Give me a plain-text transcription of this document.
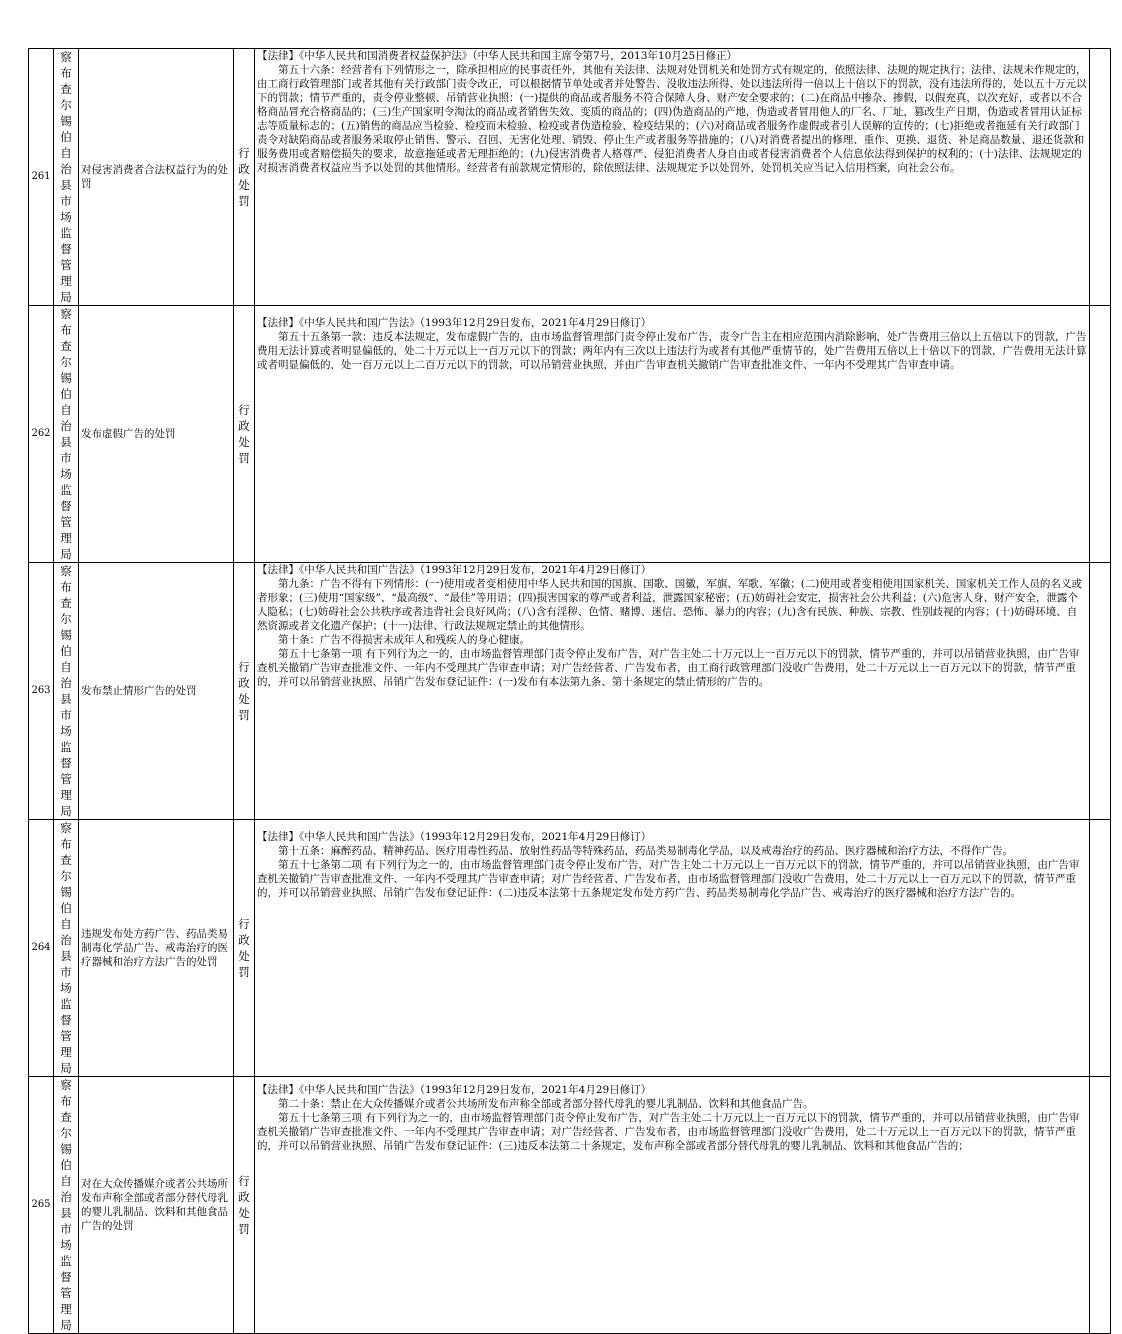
261	察布查尔锡伯自治县市场监督管理局	对侵害消费者合法权益行为的处罚	行政处罚	【法律】《中华人民共和国消费者权益保护法》（中华人民共和国主席令第7号，2013年10月25日修正）

第五十六条：经营者有下列情形之一，除承担相应的民事责任外，其他有关法律、法规对处罚机关和处罚方式有规定的，依照法律、法规的规定执行；法律、法规未作规定的，由工商行政管理部门或者其他有关行政部门责令改正，可以根据情节单处或者并处警告、没收违法所得、处以违法所得一倍以上十倍以下的罚款，没有违法所得的，处以五十万元以下的罚款；情节严重的，责令停业整顿、吊销营业执照：(一)提供的商品或者服务不符合保障人身、财产安全要求的；(二)在商品中掺杂、掺假，以假充真，以次充好，或者以不合格商品冒充合格商品的；(三)生产国家明令淘汰的商品或者销售失效、变质的商品的；(四)伪造商品的产地，伪造或者冒用他人的厂名、厂址，篡改生产日期，伪造或者冒用认证标志等质量标志的；(五)销售的商品应当检验、检疫而未检验、检疫或者伪造检验、检疫结果的；(六)对商品或者服务作虚假或者引人误解的宣传的；(七)拒绝或者拖延有关行政部门责令对缺陷商品或者服务采取停止销售、警示、召回、无害化处理、销毁、停止生产或者服务等措施的；(八)对消费者提出的修理、重作、更换、退货、补足商品数量、退还货款和服务费用或者赔偿损失的要求，故意拖延或者无理拒绝的；(九)侵害消费者人格尊严、侵犯消费者人身自由或者侵害消费者个人信息依法得到保护的权利的；(十)法律、法规规定的对损害消费者权益应当予以处罚的其他情形。经营者有前款规定情形的，除依照法律、法规规定予以处罚外，处罚机关应当记入信用档案，向社会公布。	

262	察布查尔锡伯自治县市场监督管理局	发布虚假广告的处罚	行政处罚	【法律】《中华人民共和国广告法》（1993年12月29日发布，2021年4月29日修订）

第五十五条第一款：违反本法规定，发布虚假广告的，由市场监督管理部门责令停止发布广告，责令广告主在相应范围内消除影响，处广告费用三倍以上五倍以下的罚款，广告费用无法计算或者明显偏低的，处二十万元以上一百万元以下的罚款；两年内有三次以上违法行为或者有其他严重情节的，处广告费用五倍以上十倍以下的罚款，广告费用无法计算或者明显偏低的，处一百万元以上二百万元以下的罚款，可以吊销营业执照，并由广告审查机关撤销广告审查批准文件、一年内不受理其广告审查申请。	

263	察布查尔锡伯自治县市场监督管理局	发布禁止情形广告的处罚	行政处罚	【法律】《中华人民共和国广告法》（1993年12月29日发布，2021年4月29日修订）

第九条：广告不得有下列情形：(一)使用或者变相使用中华人民共和国的国旗、国歌、国徽，军旗、军歌、军徽；(二)使用或者变相使用国家机关、国家机关工作人员的名义或者形象；(三)使用“国家级”、“最高级”、“最佳”等用语；(四)损害国家的尊严或者利益，泄露国家秘密；(五)妨碍社会安定，损害社会公共利益；(六)危害人身、财产安全，泄露个人隐私；(七)妨碍社会公共秩序或者违背社会良好风尚；(八)含有淫秽、色情、赌博、迷信、恐怖、暴力的内容；(九)含有民族、种族、宗教、性别歧视的内容；(十)妨碍环境、自然资源或者文化遗产保护；(十一)法律、行政法规规定禁止的其他情形。

第十条：广告不得损害未成年人和残疾人的身心健康。

第五十七条第一项 有下列行为之一的，由市场监督管理部门责令停止发布广告，对广告主处二十万元以上一百万元以下的罚款，情节严重的，并可以吊销营业执照，由广告审查机关撤销广告审查批准文件、一年内不受理其广告审查申请；对广告经营者、广告发布者，由工商行政管理部门没收广告费用，处二十万元以上一百万元以下的罚款，情节严重的，并可以吊销营业执照、吊销广告发布登记证件：(一)发布有本法第九条、第十条规定的禁止情形的广告的。	

264	察布查尔锡伯自治县市场监督管理局	违规发布处方药广告、药品类易制毒化学品广告、戒毒治疗的医疗器械和治疗方法广告的处罚	行政处罚	【法律】《中华人民共和国广告法》（1993年12月29日发布，2021年4月29日修订）

第十五条：麻醉药品、精神药品、医疗用毒性药品、放射性药品等特殊药品，药品类易制毒化学品，以及戒毒治疗的药品、医疗器械和治疗方法，不得作广告。

第五十七条第二项 有下列行为之一的，由市场监督管理部门责令停止发布广告，对广告主处二十万元以上一百万元以下的罚款，情节严重的，并可以吊销营业执照，由广告审查机关撤销广告审查批准文件、一年内不受理其广告审查申请；对广告经营者、广告发布者，由市场监督管理部门没收广告费用，处二十万元以上一百万元以下的罚款，情节严重的，并可以吊销营业执照、吊销广告发布登记证件：(二)违反本法第十五条规定发布处方药广告、药品类易制毒化学品广告、戒毒治疗的医疗器械和治疗方法广告的。	

265	察布查尔锡伯自治县市场监督管理局	对在大众传播媒介或者公共场所发布声称全部或者部分替代母乳的婴儿乳制品、饮料和其他食品广告的处罚	行政处罚	【法律】《中华人民共和国广告法》（1993年12月29日发布，2021年4月29日修订）

第二十条：禁止在大众传播媒介或者公共场所发布声称全部或者部分替代母乳的婴儿乳制品、饮料和其他食品广告。

第五十七条第三项 有下列行为之一的，由市场监督管理部门责令停止发布广告，对广告主处二十万元以上一百万元以下的罚款，情节严重的，并可以吊销营业执照，由广告审查机关撤销广告审查批准文件、一年内不受理其广告审查申请；对广告经营者、广告发布者，由市场监督管理部门没收广告费用，处二十万元以上一百万元以下的罚款，情节严重的，并可以吊销营业执照、吊销广告发布登记证件：(三)违反本法第二十条规定，发布声称全部或者部分替代母乳的婴儿乳制品、饮料和其他食品广告的；	
